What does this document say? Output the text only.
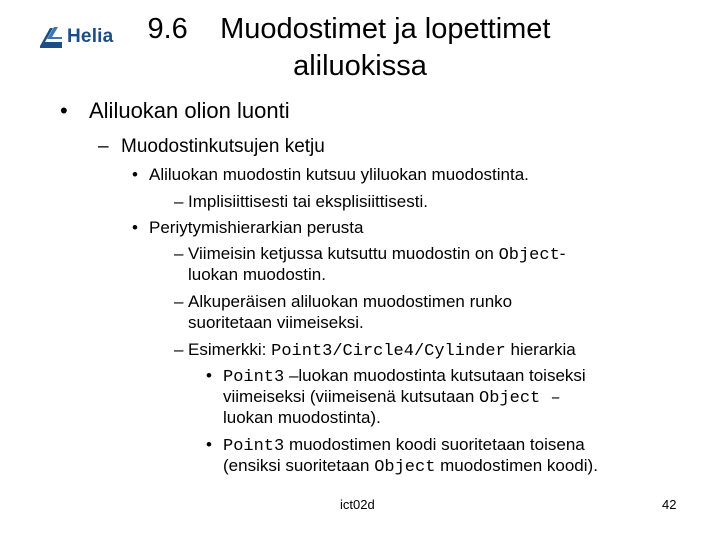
Helia	9.6 Muodostimet ja lopettimet
aliluokissa
• Aliluokan olion luonti
– Muodostinkutsujen ketju
• Aliluokan muodostin kutsuu yliluokan muodostinta.
– Implisiittisesti tai eksplisiittisesti.
• Periytymishierarkian perusta
– Viimeisin ketjussa kutsuttu muodostin on Object-
luokan muodostin.
– Alkuperäisen aliluokan muodostimen runko
suoritetaan viimeiseksi.
– Esimerkki: Point3/Circle4/Cylinder hierarkia
• Point3 –luokan muodostinta kutsutaan toiseksi
viimeiseksi (viimeisenä kutsutaan Object –
luokan muodostinta).
• Point3 muodostimen koodi suoritetaan toisena
(ensiksi suoritetaan Object muodostimen koodi).
ict02d	42
